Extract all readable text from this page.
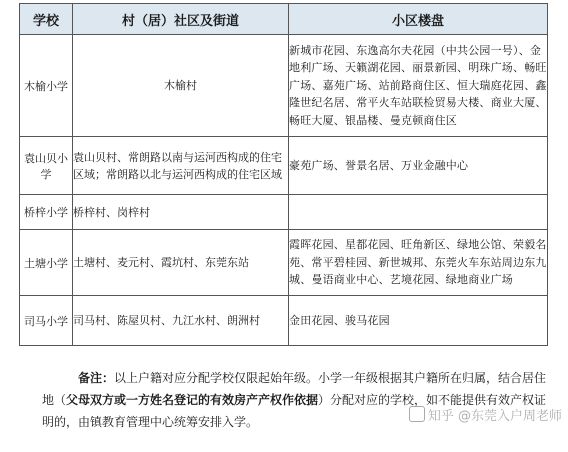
学校	村（居）社区及街道	小区楼盘
木榆小学	木榆村	新城市花园、东逸高尔夫花园（中共公园一号）、金地利广场、天籁湖花园、丽景新园、明珠广场、畅旺广场、嘉苑广场、站前路商住区、恒大瑞庭花园、鑫隆世纪名居、常平火车站联检贸易大楼、商业大厦、畅旺大厦、银晶楼、曼克顿商住区
袁山贝小学	袁山贝村、常朗路以南与运河西构成的住宅区域；常朗路以北与运河西构成的住宅区域	豪苑广场、誉景名居、万业金融中心
桥梓小学	桥梓村、岗梓村	
土塘小学	土塘村、麦元村、霞坑村、东莞东站	霞晖花园、星都花园、旺角新区、绿地公馆、荣毅名苑、常平碧桂园、新世城邦、东莞火车东站周边东九城、曼语商业中心、艺境花园、绿地商业广场
司马小学	司马村、陈屋贝村、九江水村、朗洲村	金田花园、骏马花园

备注：以上户籍对应分配学校仅限起始年级。小学一年级根据其户籍所在归属，结合居住地（父母双方或一方姓名登记的有效房产产权作依据）分配对应的学校，如不能提供有效产权证明的，由镇教育管理中心统筹安排入学。	知乎 @东莞入户周老师
